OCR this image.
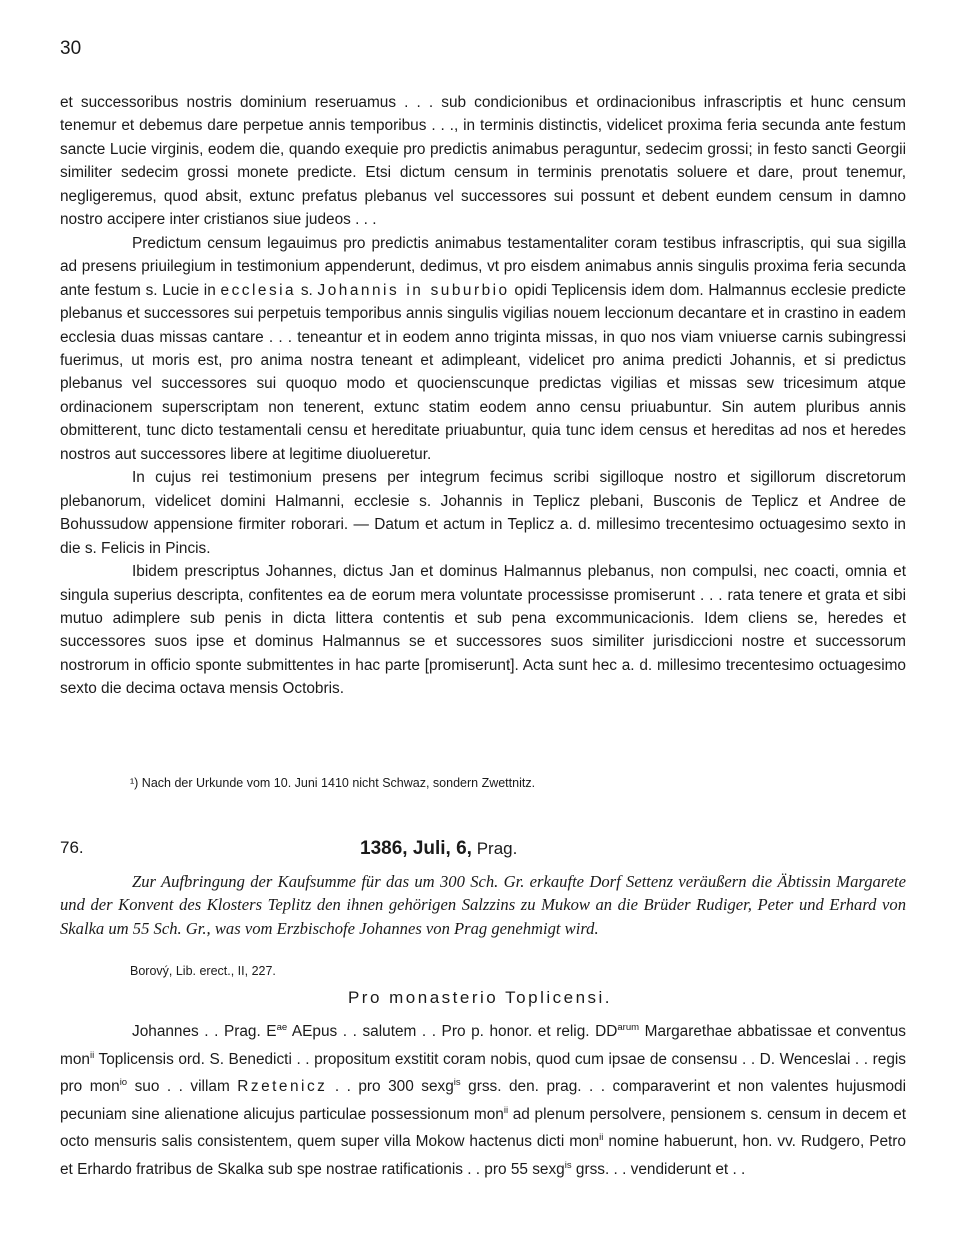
30

et successoribus nostris dominium reseruamus . . . sub condicionibus et ordinacionibus infrascriptis et hunc censum tenemur et debemus dare perpetue annis temporibus . . ., in terminis distinctis, videlicet proxima feria secunda ante festum sancte Lucie virginis, eodem die, quando exequie pro predictis animabus peraguntur, sedecim grossi; in festo sancti Georgii similiter sedecim grossi monete predicte. Etsi dictum censum in terminis prenotatis soluere et dare, prout tenemur, negligeremus, quod absit, extunc prefatus plebanus vel successores sui possunt et debent eundem censum in damno nostro accipere inter cristianos siue judeos . . .

Predictum censum legauimus pro predictis animabus testamentaliter coram testibus infrascriptis, qui sua sigilla ad presens priuilegium in testimonium appenderunt, dedimus, vt pro eisdem animabus annis singulis proxima feria secunda ante festum s. Lucie in ecclesia s. Johannis in suburbio opidi Teplicensis idem dom. Halmannus ecclesie predicte plebanus et successores sui perpetuis temporibus annis singulis vigilias nouem leccionum decantare et in crastino in eadem ecclesia duas missas cantare . . . teneantur et in eodem anno triginta missas, in quo nos viam vniuerse carnis subingressi fuerimus, ut moris est, pro anima nostra teneant et adimpleant, videlicet pro anima predicti Johannis, et si predictus plebanus vel successores sui quoquo modo et quocienscunque predictas vigilias et missas sew tricesimum atque ordinacionem superscriptam non tenerent, extunc statim eodem anno censu priuabuntur. Sin autem pluribus annis obmitterent, tunc dicto testamentali censu et hereditate priuabuntur, quia tunc idem census et hereditas ad nos et heredes nostros aut successores libere at legitime diuolueretur.

In cujus rei testimonium presens per integrum fecimus scribi sigilloque nostro et sigillorum discretorum plebanorum, videlicet domini Halmanni, ecclesie s. Johannis in Teplicz plebani, Busconis de Teplicz et Andree de Bohussudow appensione firmiter roborari. — Datum et actum in Teplicz a. d. millesimo trecentesimo octuagesimo sexto in die s. Felicis in Pincis.

Ibidem prescriptus Johannes, dictus Jan et dominus Halmannus plebanus, non compulsi, nec coacti, omnia et singula superius descripta, confitentes ea de eorum mera voluntate processisse promiserunt . . . rata tenere et grata et sibi mutuo adimplere sub penis in dicta littera contentis et sub pena excommunicacionis. Idem cliens se, heredes et successores suos ipse et dominus Halmannus se et successores suos similiter jurisdiccioni nostre et successorum nostrorum in officio sponte submittentes in hac parte [promiserunt]. Acta sunt hec a. d. millesimo trecentesimo octuagesimo sexto die decima octava mensis Octobris.

¹) Nach der Urkunde vom 10. Juni 1410 nicht Schwaz, sondern Zwettnitz.
76.	1386, Juli, 6, Prag.

Zur Aufbringung der Kaufsumme für das um 300 Sch. Gr. erkaufte Dorf Settenz veräußern die Äbtissin Margarete und der Konvent des Klosters Teplitz den ihnen gehörigen Salzzins zu Mukow an die Brüder Rudiger, Peter und Erhard von Skalka um 55 Sch. Gr., was vom Erzbischofe Johannes von Prag genehmigt wird.

Borový, Lib. erect., II, 227.
Pro monasterio Toplicensi.

Johannes . . Prag. $E^{ae}$ AEpus . . salutem . . Pro p. honor. et relig. $DD^{arum}$ Margarethae abbatissae et conventus mon$^{ii}$ Toplicensis ord. S. Benedicti . . propositum exstitit coram nobis, quod cum ipsae de consensu . . D. Wenceslai . . regis pro mon$^{io}$ suo . . villam Rzetenicz . . pro 300 sexg$^{is}$ grss. den. prag. . . comparaverint et non valentes hujusmodi pecuniam sine alienatione alicujus particulae possessionum mon$^{ii}$ ad plenum persolvere, pensionem s. censum in decem et octo mensuris salis consistentem, quem super villa Mokow hactenus dicti mon$^{ii}$ nomine habuerunt, hon. vv. Rudgero, Petro et Erhardo fratribus de Skalka sub spe nostrae ratificationis . . pro 55 sexg$^{is}$ grss. . . vendiderunt et . .
